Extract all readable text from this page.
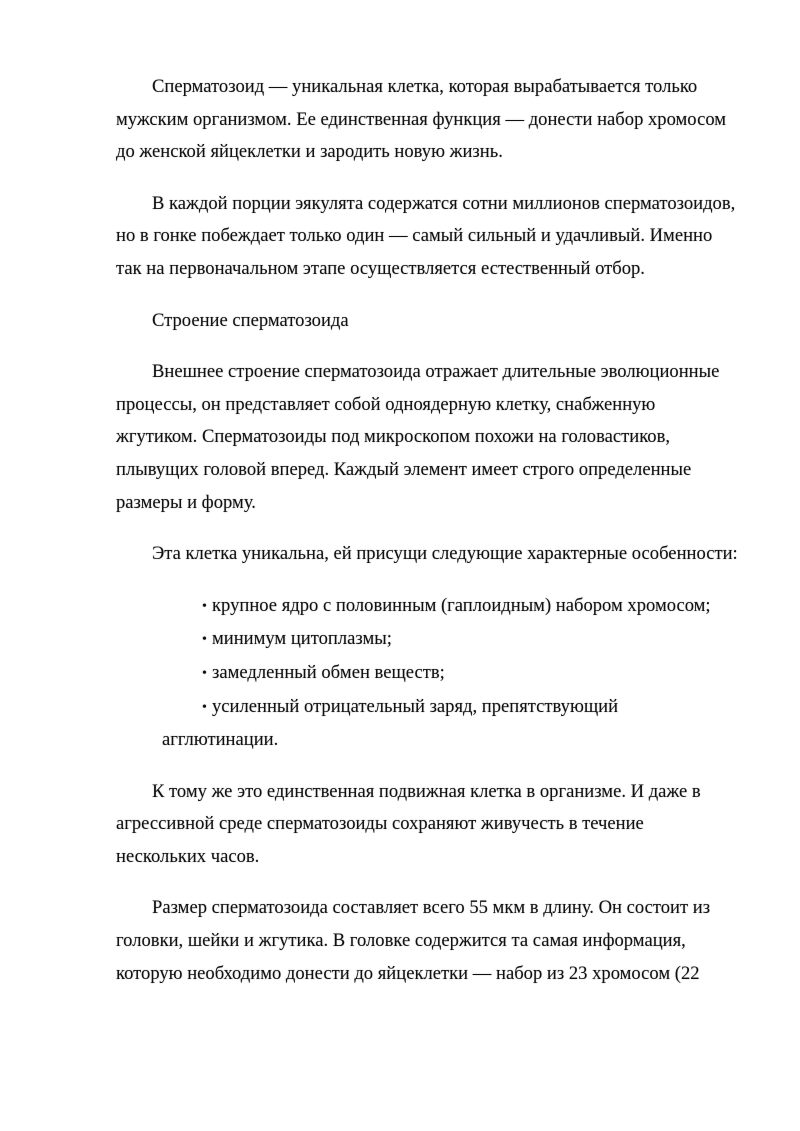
Сперматозоид — уникальная клетка, которая вырабатывается только мужским организмом. Ее единственная функция — донести набор хромосом до женской яйцеклетки и зародить новую жизнь.

В каждой порции эякулята содержатся сотни миллионов сперматозоидов, но в гонке побеждает только один — самый сильный и удачливый. Именно так на первоначальном этапе осуществляется естественный отбор.

Строение сперматозоида

Внешнее строение сперматозоида отражает длительные эволюционные процессы, он представляет собой одноядерную клетку, снабженную жгутиком. Сперматозоиды под микроскопом похожи на головастиков, плывущих головой вперед. Каждый элемент имеет строго определенные размеры и форму.

Эта клетка уникальна, ей присущи следующие характерные особенности:

• крупное ядро с половинным (гаплоидным) набором хромосом;
• минимум цитоплазмы;
• замедленный обмен веществ;
• усиленный отрицательный заряд, препятствующий агглютинации.

К тому же это единственная подвижная клетка в организме. И даже в агрессивной среде сперматозоиды сохраняют живучесть в течение нескольких часов.

Размер сперматозоида составляет всего 55 мкм в длину. Он состоит из головки, шейки и жгутика. В головке содержится та самая информация, которую необходимо донести до яйцеклетки — набор из 23 хромосом (22
